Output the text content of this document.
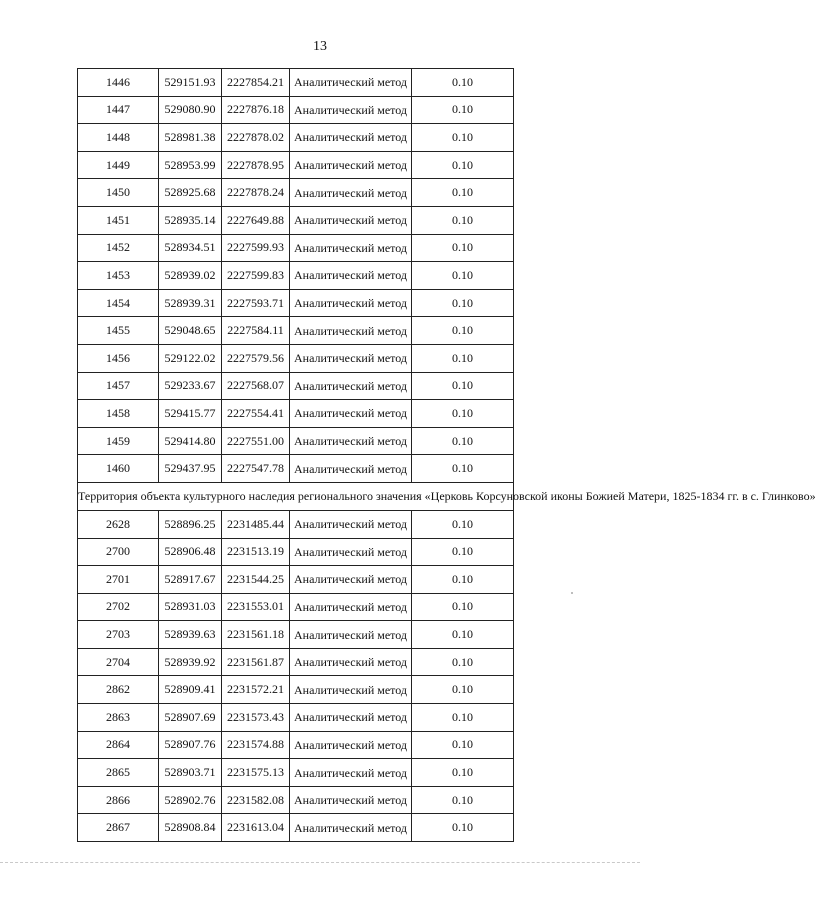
13
1446	529151.93	2227854.21	Аналитический метод	0.10
1447	529080.90	2227876.18	Аналитический метод	0.10
1448	528981.38	2227878.02	Аналитический метод	0.10
1449	528953.99	2227878.95	Аналитический метод	0.10
1450	528925.68	2227878.24	Аналитический метод	0.10
1451	528935.14	2227649.88	Аналитический метод	0.10
1452	528934.51	2227599.93	Аналитический метод	0.10
1453	528939.02	2227599.83	Аналитический метод	0.10
1454	528939.31	2227593.71	Аналитический метод	0.10
1455	529048.65	2227584.11	Аналитический метод	0.10
1456	529122.02	2227579.56	Аналитический метод	0.10
1457	529233.67	2227568.07	Аналитический метод	0.10
1458	529415.77	2227554.41	Аналитический метод	0.10
1459	529414.80	2227551.00	Аналитический метод	0.10
1460	529437.95	2227547.78	Аналитический метод	0.10
Территория объекта культурного наследия регионального значения «Церковь Корсуновской иконы Божией Матери, 1825-1834 гг. в с. Глинково»				
2628	528896.25	2231485.44	Аналитический метод	0.10
2700	528906.48	2231513.19	Аналитический метод	0.10
2701	528917.67	2231544.25	Аналитический метод	0.10
2702	528931.03	2231553.01	Аналитический метод	0.10
2703	528939.63	2231561.18	Аналитический метод	0.10
2704	528939.92	2231561.87	Аналитический метод	0.10
2862	528909.41	2231572.21	Аналитический метод	0.10
2863	528907.69	2231573.43	Аналитический метод	0.10
2864	528907.76	2231574.88	Аналитический метод	0.10
2865	528903.71	2231575.13	Аналитический метод	0.10
2866	528902.76	2231582.08	Аналитический метод	0.10
2867	528908.84	2231613.04	Аналитический метод	0.10
